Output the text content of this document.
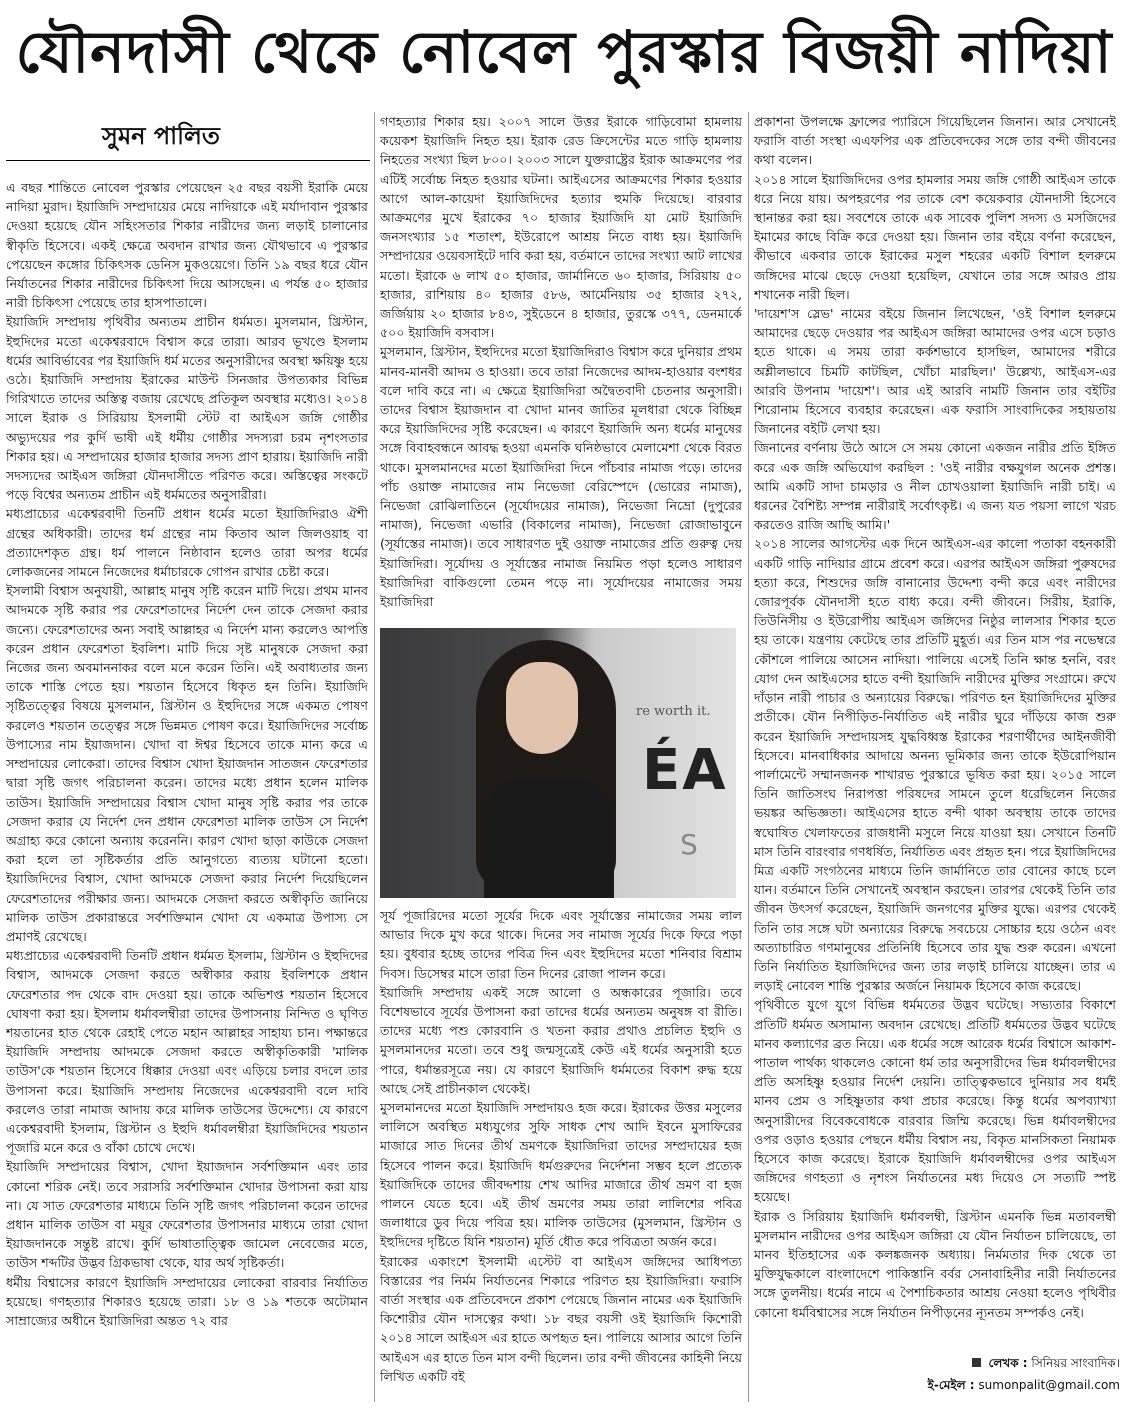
যৌনদাসী থেকে নোবেল পুরস্কার বিজয়ী নাদিয়া
সুমন পালিত

এ বছর শান্তিতে নোবেল পুরস্কার পেয়েছেন ২৫ বছর বয়সী ইরাকি মেয়ে নাদিয়া মুরাদ। ইয়াজিদি সম্প্রদায়ের মেয়ে নাদিয়াকে এই মর্যাদাবান পুরস্কার দেওয়া হয়েছে যৌন সহিংসতার শিকার নারীদের জন্য লড়াই চালানোর স্বীকৃতি হিসেবে। একই ক্ষেত্রে অবদান রাখার জন্য যৌথভাবে এ পুরস্কার পেয়েছেন কঙ্গোর চিকিৎসক ডেনিস মুকওয়েগে। তিনি ১৯ বছর ধরে যৌন নির্যাতনের শিকার নারীদের চিকিৎসা দিয়ে আসছেন। এ পর্যন্ত ৫০ হাজার নারী চিকিৎসা পেয়েছে তার হাসপাতালে।

ইয়াজিদি সম্প্রদায় পৃথিবীর অন্যতম প্রাচীন ধর্মমত। মুসলমান, খ্রিস্টান, ইহুদিদের মতো একেশ্বরবাদে বিশ্বাস করে তারা। আরব ভূখণ্ডে ইসলাম ধর্মের আবির্ভাবের পর ইয়াজিদি ধর্ম মতের অনুসারীদের অবস্থা ক্ষয়িষ্ণু হয়ে ওঠে। ইয়াজিদি সম্প্রদায় ইরাকের মাউন্ট সিনজার উপত্যকার বিভিন্ন গিরিখাতে তাদের অস্তিত্ব বজায় রেখেছে প্রতিকূল অবস্থার মধ্যেও। ২০১৪ সালে ইরাক ও সিরিয়ায় ইসলামী স্টেট বা আইএস জঙ্গি গোষ্ঠীর অভ্যুদয়ের পর কুর্দি ভাষী এই ধর্মীয় গোষ্ঠীর সদস্যরা চরম নৃশংসতার শিকার হয়। এ সম্প্রদায়ের হাজার হাজার সদস্য প্রাণ হারায়। ইয়াজিদি নারী সদস্যদের আইএস জঙ্গিরা যৌনদাসীতে পরিণত করে। অস্তিত্বের সংকটে পড়ে বিশ্বের অন্যতম প্রাচীন এই ধর্মমতের অনুসারীরা।

মধ্যপ্রাচ্যের একেশ্বরবাদী তিনটি প্রধান ধর্মের মতো ইয়াজিদিরাও ঐশী গ্রন্থের অধিকারী। তাদের ধর্ম গ্রন্থের নাম কিতাব আল জিলওয়াহ বা প্রত্যাদেশকৃত গ্রন্থ। ধর্ম পালনে নিষ্ঠাবান হলেও তারা অপর ধর্মের লোকজনের সামনে নিজেদের ধর্মাচারকে গোপন রাখার চেষ্টা করে।

ইসলামী বিশ্বাস অনুযায়ী, আল্লাহ মানুষ সৃষ্টি করেন মাটি দিয়ে। প্রথম মানব আদমকে সৃষ্টি করার পর ফেরেশতাদের নির্দেশ দেন তাকে সেজদা করার জন্যে। ফেরেশতাদের অন্য সবাই আল্লাহর এ নির্দেশ মান্য করলেও আপত্তি করেন প্রধান ফেরেশতা ইবলিশ। মাটি দিয়ে সৃষ্ট মানুষকে সেজদা করা নিজের জন্য অবমাননাকর বলে মনে করেন তিনি। এই অবাধ্যতার জন্য তাকে শাস্তি পেতে হয়। শয়তান হিসেবে ধিকৃত হন তিনি। ইয়াজিদি সৃষ্টিতত্ত্বের বিষয়ে মুসলমান, খ্রিস্টান ও ইহুদিদের সঙ্গে একমত পোষণ করলেও শয়তান তত্ত্বের সঙ্গে ভিন্নমত পোষণ করে। ইয়াজিদিদের সর্বোচ্চ উপাস্যের নাম ইয়াজদান। খোদা বা ঈশ্বর হিসেবে তাকে মান্য করে এ সম্প্রদায়ের লোকেরা। তাদের বিশ্বাস খোদা ইয়াজদান সাতজন ফেরেশতার দ্বারা সৃষ্টি জগৎ পরিচালনা করেন। তাদের মধ্যে প্রধান হলেন মালিক তাউস। ইয়াজিদি সম্প্রদায়ের বিশ্বাস খোদা মানুষ সৃষ্টি করার পর তাকে সেজদা করার যে নির্দেশ দেন প্রধান ফেরেশতা মালিক তাউস সে নির্দেশ অগ্রাহ্য করে কোনো অন্যায় করেননি। কারণ খোদা ছাড়া কাউকে সেজদা করা হলে তা সৃষ্টিকর্তার প্রতি আনুগত্যে ব্যত্যয় ঘটানো হতো। ইয়াজিদিদের বিশ্বাস, খোদা আদমকে সেজদা করার নির্দেশ দিয়েছিলেন ফেরেশতাদের পরীক্ষার জন্য। আদমকে সেজদা করতে অস্বীকৃতি জানিয়ে মালিক তাউস প্রকারান্তরে সর্বশক্তিমান খোদা যে একমাত্র উপাস্য সে প্রমাণই রেখেছে।

মধ্যপ্রাচ্যের একেশ্বরবাদী তিনটি প্রধান ধর্মমত ইসলাম, খ্রিস্টান ও ইহুদিদের বিশ্বাস, আদমকে সেজদা করতে অস্বীকার করায় ইবলিশকে প্রধান ফেরেশতার পদ থেকে বাদ দেওয়া হয়। তাকে অভিশপ্ত শয়তান হিসেবে ঘোষণা করা হয়। ইসলাম ধর্মাবলম্বীরা তাদের উপাসনায় নিন্দিত ও ঘৃণিত শয়তানের হাত থেকে রেহাই পেতে মহান আল্লাহর সাহায্য চান। পক্ষান্তরে ইয়াজিদি সম্প্রদায় আদমকে সেজদা করতে অস্বীকৃতিকারী 'মালিক তাউস'কে শয়তান হিসেবে ধিক্কার দেওয়া এবং এড়িয়ে চলার বদলে তার উপাসনা করে। ইয়াজিদি সম্প্রদায় নিজেদের একেশ্বরবাদী বলে দাবি করলেও তারা নামাজ আদায় করে মালিক তাউসের উদ্দেশ্যে। যে কারণে একেশ্বরবাদী ইসলাম, খ্রিস্টান ও ইহুদি ধর্মাবলম্বীরা ইয়াজিদিদের শয়তান পূজারি মনে করে ও বাঁকা চোখে দেখে।

ইয়াজিদি সম্প্রদায়ের বিশ্বাস, খোদা ইয়াজদান সর্বশক্তিমান এবং তার কোনো শরিক নেই। তবে সরাসরি সর্বশক্তিমান খোদার উপাসনা করা যায় না। যে সাত ফেরেশতার মাধ্যমে তিনি সৃষ্টি জগৎ পরিচালনা করেন তাদের প্রধান মালিক তাউস বা ময়ূর ফেরেশতার উপাসনার মাধ্যমে তারা খোদা ইয়াজদানকে সন্তুষ্ট রাখে। কুর্দি ভাষাতাত্ত্বিক জামেল নেবেজের মতে, তাউস শব্দটির উদ্ভব গ্রিকভাষা থেকে, যার অর্থ সৃষ্টিকর্তা।

ধর্মীয় বিশ্বাসের কারণে ইয়াজিদি সম্প্রদায়ের লোকেরা বারবার নির্যাতিত হয়েছে। গণহত্যার শিকারও হয়েছে তারা। ১৮ ও ১৯ শতকে অটোমান সাম্রাজ্যের অধীনে ইয়াজিদিরা অন্তত ৭২ বার

গণহত্যার শিকার হয়। ২০০৭ সালে উত্তর ইরাকে গাড়িবোমা হামলায় কয়েকশ ইয়াজিদি নিহত হয়। ইরাক রেড ক্রিসেন্টের মতে গাড়ি হামলায় নিহতের সংখ্যা ছিল ৮০০। ২০০৩ সালে যুক্তরাষ্ট্রের ইরাক আক্রমণের পর এটিই সর্বোচ্চ নিহত হওয়ার ঘটনা। আইএসের আক্রমণের শিকার হওয়ার আগে আল-কায়েদা ইয়াজিদিদের হত্যার হুমকি দিয়েছে। বারবার আক্রমণের মুখে ইরাকের ৭০ হাজার ইয়াজিদি যা মোট ইয়াজিদি জনসংখ্যার ১৫ শতাংশ, ইউরোপে আশ্রয় নিতে বাধ্য হয়। ইয়াজিদি সম্প্রদায়ের ওয়েবসাইটে দাবি করা হয়, বর্তমানে তাদের সংখ্যা আট লাখের মতো। ইরাকে ৬ লাখ ৫০ হাজার, জার্মানিতে ৬০ হাজার, সিরিয়ায় ৫০ হাজার, রাশিয়ায় ৪০ হাজার ৫৮৬, আর্মেনিয়ায় ৩৫ হাজার ২৭২, জর্জিয়ায় ২০ হাজার ৮৪৩, সুইডেনে ৪ হাজার, তুরস্কে ৩৭৭, ডেনমার্কে ৫০০ ইয়াজিদি বসবাস।

মুসলমান, খ্রিস্টান, ইহুদিদের মতো ইয়াজিদিরাও বিশ্বাস করে দুনিয়ার প্রথম মানব-মানবী আদম ও হাওয়া। তবে তারা নিজেদের আদম-হাওয়ার বংশধর বলে দাবি করে না। এ ক্ষেত্রে ইয়াজিদিরা অদ্বৈতবাদী চেতনার অনুসারী। তাদের বিশ্বাস ইয়াজদান বা খোদা মানব জাতির মূলধারা থেকে বিচ্ছিন্ন করে ইয়াজিদিদের সৃষ্টি করেছেন। এ কারণে ইয়াজিদি অন্য ধর্মের মানুষের সঙ্গে বিবাহবন্ধনে আবদ্ধ হওয়া এমনকি ঘনিষ্ঠভাবে মেলামেশা থেকে বিরত থাকে। মুসলমানদের মতো ইয়াজিদিরা দিনে পাঁচবার নামাজ পড়ে। তাদের পাঁচ ওয়াক্ত নামাজের নাম নিভেজা বেরিস্পেদে (ভোরের নামাজ), নিভেজা রোঝিলাতিনে (সূর্যোদয়ের নামাজ), নিভেজা নিভ্রো (দুপুরের নামাজ), নিভেজা এভারি (বিকালের নামাজ), নিভেজা রোজাভাবুনে (সূর্যাস্তের নামাজ)। তবে সাধারণত দুই ওয়াক্ত নামাজের প্রতি গুরুত্ব দেয় ইয়াজিদিরা। সূর্যোদয় ও সূর্যাস্তের নামাজ নিয়মিত পড়া হলেও সাধারণ ইয়াজিদিরা বাকিগুলো তেমন পড়ে না। সূর্যোদয়ের নামাজের সময় ইয়াজিদিরা

re worth it.
ÉA
S

সূর্য পূজারিদের মতো সূর্যের দিকে এবং সূর্যাস্তের নামাজের সময় লাল আভার দিকে মুখ করে থাকে। দিনের সব নামাজ সূর্যের দিকে ফিরে পড়া হয়। বুধবার হচ্ছে তাদের পবিত্র দিন এবং ইহুদিদের মতো শনিবার বিশ্রাম দিবস। ডিসেম্বর মাসে তারা তিন দিনের রোজা পালন করে।

ইয়াজিদি সম্প্রদায় একই সঙ্গে আলো ও অন্ধকারের পূজারি। তবে বিশেষভাবে সূর্যের উপাসনা করা তাদের ধর্মের অন্যতম অনুষঙ্গ বা রীতি। তাদের মধ্যে পশু কোরবানি ও খতনা করার প্রথাও প্রচলিত ইহুদি ও মুসলমানদের মতো। তবে শুধু জন্মসূত্রেই কেউ এই ধর্মের অনুসারী হতে পারে, ধর্মান্তরসূত্রে নয়। যে কারণে ইয়াজিদি ধর্মমতের বিকাশ রুদ্ধ হয়ে আছে সেই প্রাচীনকাল থেকেই।

মুসলমানদের মতো ইয়াজিদি সম্প্রদায়ও হজ করে। ইরাকের উত্তর মসুলের লালিসে অবস্থিত মধ্যযুগের সুফি সাধক শেখ আদি ইবনে মুসাফিরের মাজারে সাত দিনের তীর্থ ভ্রমণকে ইয়াজিদিরা তাদের সম্প্রদায়ের হজ হিসেবে পালন করে। ইয়াজিদি ধর্মগুরুদের নির্দেশনা সম্ভব হলে প্রত্যেক ইয়াজিদিকে তাদের জীবদ্দশায় শেখ আদির মাজারে তীর্থ ভ্রমণ বা হজ পালনে যেতে হবে। এই তীর্থ ভ্রমণের সময় তারা লালিশের পবিত্র জলাধারে ডুব দিয়ে পবিত্র হয়। মালিক তাউসের (মুসলমান, খ্রিস্টান ও ইহুদিদের দৃষ্টিতে যিনি শয়তান) মূর্তি ধৌত করে পবিত্রতা অর্জন করে।

ইরাকের একাংশে ইসলামী এস্টেট বা আইএস জঙ্গিদের আধিপত্য বিস্তারের পর নির্মম নির্যাতনের শিকারে পরিণত হয় ইয়াজিদিরা। ফরাসি বার্তা সংস্থার এক প্রতিবেদনে প্রকাশ পেয়েছে জিনান নামের এক ইয়াজিদি কিশোরীর যৌন দাসত্বের কথা। ১৮ বছর বয়সী ওই ইয়াজিদি কিশোরী ২০১৪ সালে আইএস এর হাতে অপহৃত হন। পালিয়ে আসার আগে তিনি আইএস এর হাতে তিন মাস বন্দী ছিলেন। তার বন্দী জীবনের কাহিনী নিয়ে লিখিত একটি বই

প্রকাশনা উপলক্ষে ফ্রান্সের প্যারিসে গিয়েছিলেন জিনান। আর সেখানেই ফরাসি বার্তা সংস্থা এএফপির এক প্রতিবেদকের সঙ্গে তার বন্দী জীবনের কথা বলেন।

২০১৪ সালে ইয়াজিদিদের ওপর হামলার সময় জঙ্গি গোষ্ঠী আইএস তাকে ধরে নিয়ে যায়। অপহরণের পর তাকে বেশ কয়েকবার যৌনদাসী হিসেবে স্থানান্তর করা হয়। সবশেষে তাকে এক সাবেক পুলিশ সদস্য ও মসজিদের ইমামের কাছে বিক্রি করে দেওয়া হয়। জিনান তার বইয়ে বর্ণনা করেছেন, কীভাবে একবার তাকে ইরাকের মসুল শহরের একটি বিশাল হলরুমে জঙ্গিদের মাঝে ছেড়ে দেওয়া হয়েছিল, যেখানে তার সঙ্গে আরও প্রায় শখানেক নারী ছিল।

'দায়েশ'স স্লেভ' নামের বইয়ে জিনান লিখেছেন, 'ওই বিশাল হলরুমে আমাদের ছেড়ে দেওয়ার পর আইএস জঙ্গিরা আমাদের ওপর এসে চড়াও হতে থাকে। এ সময় তারা কর্কশভাবে হাসছিল, আমাদের শরীরে অশ্লীলভাবে চিমটি কাটছিল, খোঁচা মারছিল।' উল্লেখ্য, আইএস-এর আরবি উপনাম 'দায়েশ'। আর এই আরবি নামটি জিনান তার বইটির শিরোনাম হিসেবে ব্যবহার করেছেন। এক ফরাসি সাংবাদিকের সহায়তায় জিনানের বইটি লেখা হয়।

জিনানের বর্ণনায় উঠে আসে সে সময় কোনো একজন নারীর প্রতি ইঙ্গিত করে এক জঙ্গি অভিযোগ করছিল : 'ওই নারীর বক্ষযুগল অনেক প্রশস্ত। আমি একটি সাদা চামড়ার ও নীল চোখওয়ালা ইয়াজিদি নারী চাই। এ ধরনের বৈশিষ্ট্য সম্পন্ন নারীরাই সর্বোৎকৃষ্ট। এ জন্য যত পয়সা লাগে খরচ করতেও রাজি আছি আমি।'

২০১৪ সালের আগস্টের এক দিনে আইএস-এর কালো পতাকা বহনকারী একটি গাড়ি নাদিয়ার গ্রামে প্রবেশ করে। এরপর আইএস জঙ্গিরা পুরুষদের হত্যা করে, শিশুদের জঙ্গি বানানোর উদ্দেশ্য বন্দী করে এবং নারীদের জোরপূর্বক যৌনদাসী হতে বাধ্য করে। বন্দী জীবনে। সিরীয়, ইরাকি, তিউনিসীয় ও ইউরোপীয় আইএস জঙ্গিদের নিষ্ঠুর লালসার শিকার হতে হয় তাকে। যন্ত্রণায় কেটেছে তার প্রতিটি মুহূর্ত। এর তিন মাস পর নভেম্বরে কৌশলে পালিয়ে আসেন নাদিয়া। পালিয়ে এসেই তিনি ক্ষান্ত হননি, বরং যোগ দেন আইএসের হাতে বন্দী ইয়াজিদি নারীদের মুক্তির সংগ্রামে। রুখে দাঁড়ান নারী পাচার ও অন্যায়ের বিরুদ্ধে। পরিণত হন ইয়াজিদিদের মুক্তির প্রতীকে। যৌন নিপীড়িত-নির্যাতিত এই নারীর ঘুরে দাঁড়িয়ে কাজ শুরু করেন ইয়াজিদি সম্প্রদায়সহ যুদ্ধবিধ্বস্ত ইরাকের শরণার্থীদের আইনজীবী হিসেবে। মানবাধিকার আদায়ে অনন্য ভূমিকার জন্য তাকে ইউরোপিয়ান পার্লামেন্টে সম্মানজনক শাখারভ পুরস্কারে ভূষিত করা হয়। ২০১৫ সালে তিনি জাতিসংঘ নিরাপত্তা পরিষদের সামনে তুলে ধরেছিলেন নিজের ভয়ঙ্কর অভিজ্ঞতা। আইএসের হাতে বন্দী থাকা অবস্থায় তাকে তাদের স্বঘোষিত খেলাফতের রাজধানী মসুলে নিয়ে যাওয়া হয়। সেখানে তিনটি মাস তিনি বারংবার গণধর্ষিত, নির্যাতিত এবং প্রহৃত হন। পরে ইয়াজিদিদের মিত্র একটি সংগঠনের মাধ্যমে তিনি জার্মানিতে তার বোনের কাছে চলে যান। বর্তমানে তিনি সেখানেই অবস্থান করছেন। তারপর থেকেই তিনি তার জীবন উৎসর্গ করেছেন, ইয়াজিদি জনগণের মুক্তির যুদ্ধে। এরপর থেকেই তিনি তার সঙ্গে ঘটা অন্যায়ের বিরুদ্ধে সবচেয়ে সোচ্চার হয়ে ওঠেন এবং অত্যাচারিত গণমানুষের প্রতিনিধি হিসেবে তার যুদ্ধ শুরু করেন। এখনো তিনি নির্যাতিত ইয়াজিদিদের জন্য তার লড়াই চালিয়ে যাচ্ছেন। তার এ লড়াই নোবেল শান্তি পুরস্কার অর্জনে নিয়ামক হিসেবে কাজ করেছে।

পৃথিবীতে যুগে যুগে বিভিন্ন ধর্মমতের উদ্ভব ঘটেছে। সভ্যতার বিকাশে প্রতিটি ধর্মমত অসামান্য অবদান রেখেছে। প্রতিটি ধর্মমতের উদ্ভব ঘটেছে মানব কল্যাণের ব্রত নিয়ে। এক ধর্মের সঙ্গে আরেক ধর্মের বিশ্বাসে আকাশ-পাতাল পার্থক্য থাকলেও কোনো ধর্ম তার অনুসারীদের ভিন্ন ধর্মাবলম্বীদের প্রতি অসহিষ্ণু হওয়ার নির্দেশ দেয়নি। তাত্ত্বিকভাবে দুনিয়ার সব ধর্মই মানব প্রেম ও সহিষ্ণুতার কথা প্রচার করেছে। কিন্তু ধর্মের অপব্যাখ্যা অনুসারীদের বিবেকবোধকে বারবার জিম্মি করেছে। ভিন্ন ধর্মাবলম্বীদের ওপর ওড়াও হওয়ার পেছনে ধর্মীয় বিশ্বাস নয়, বিকৃত মানসিকতা নিয়ামক হিসেবে কাজ করেছে। ইরাকে ইয়াজিদি ধর্মাবলম্বীদের ওপর আইএস জঙ্গিদের গণহত্যা ও নৃশংস নির্যাতনের মধ্য দিয়েও সে সত্যটি স্পষ্ট হয়েছে।

ইরাক ও সিরিয়ায় ইয়াজিদি ধর্মাবলম্বী, খ্রিস্টান এমনকি ভিন্ন মতাবলম্বী মুসলমান নারীদের ওপর আইএস জঙ্গিরা যে যৌন নির্যাতন চালিয়েছে, তা মানব ইতিহাসের এক কলঙ্কজনক অধ্যায়। নির্মমতার দিক থেকে তা মুক্তিযুদ্ধকালে বাংলাদেশে পাকিস্তানি বর্বর সেনাবাহিনীর নারী নির্যাতনের সঙ্গে তুলনীয়। ধর্মের নামে এ পৈশাচিকতার আশ্রয় নেওয়া হলেও পৃথিবীর কোনো ধর্মবিশ্বাসের সঙ্গে নির্যাতন নিপীড়নের ন্যূনতম সম্পর্কও নেই।

লেখক : সিনিয়র সাংবাদিক।
ই-মেইল : sumonpalit@gmail.com
